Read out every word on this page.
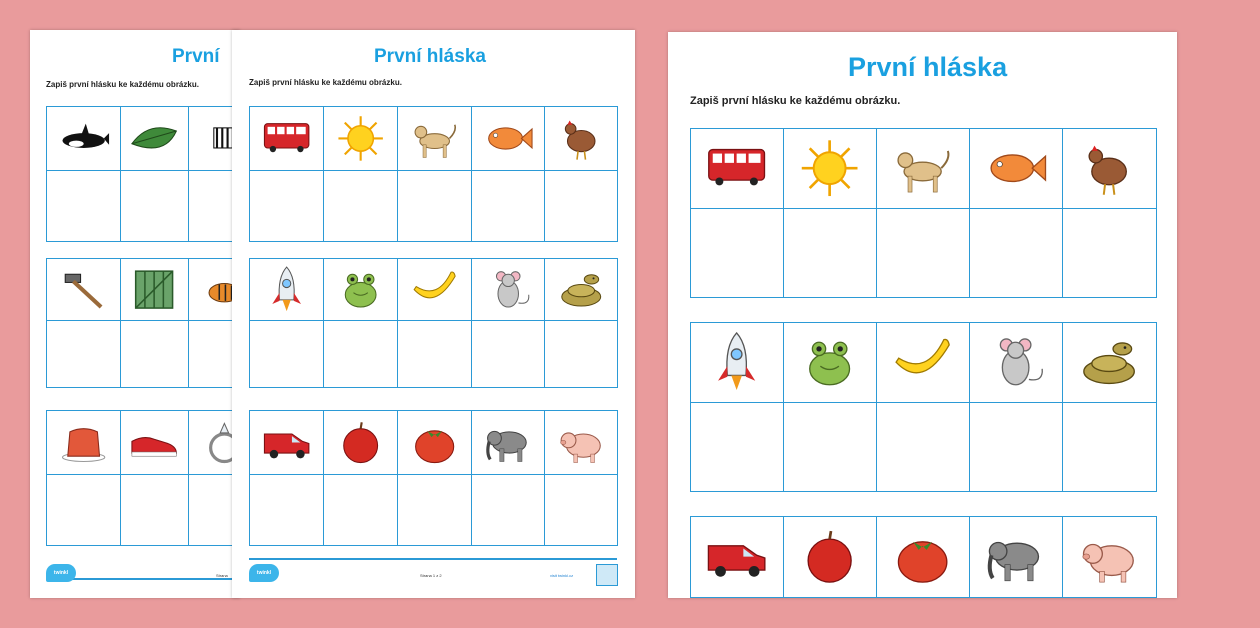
První

Zapiš první hlásku ke každému obrázku.

twinkl	Strana
První hláska

Zapiš první hlásku ke každému obrázku.

twinkl	Strana 1 z 2	visit twinkl.cz
První hláska

Zapiš první hlásku ke každému obrázku.
